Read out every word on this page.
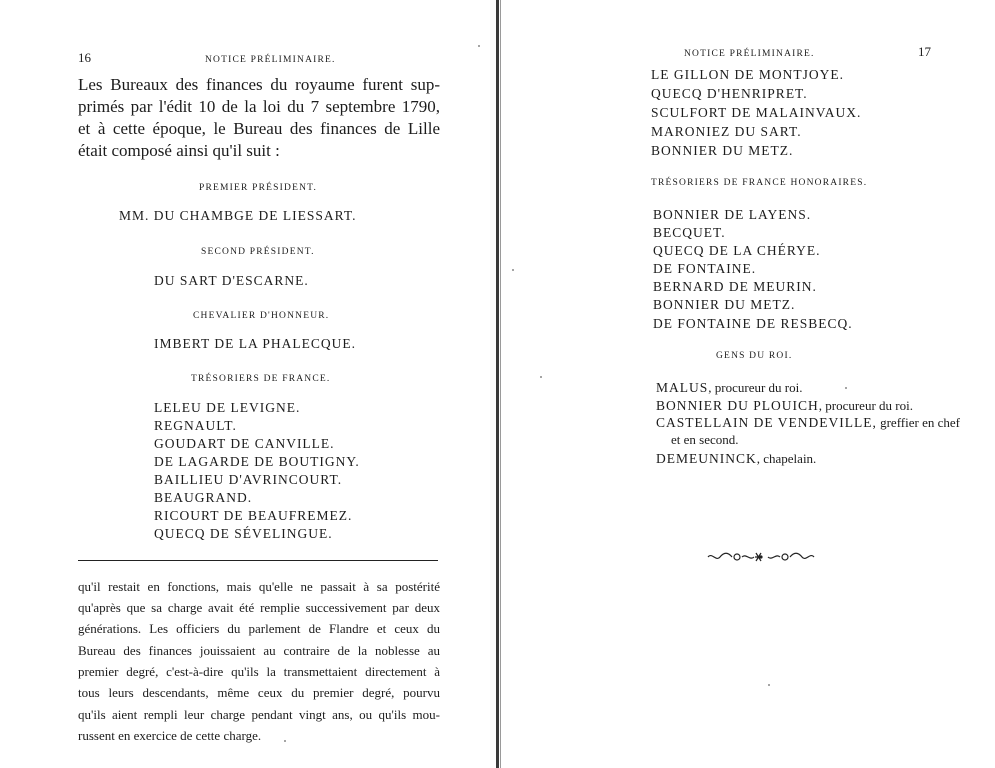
16	NOTICE PRÉLIMINAIRE.

Les Bureaux des finances du royaume furent sup-

primés par l'édit 10 de la loi du 7 septembre 1790,

et à cette époque, le Bureau des finances de Lille

était composé ainsi qu'il suit :

PREMIER PRÉSIDENT.
MM. DU CHAMBGE DE LIESSART.
SECOND PRÉSIDENT.
DU SART D'ESCARNE.
CHEVALIER D'HONNEUR.
IMBERT DE LA PHALECQUE.
TRÉSORIERS DE FRANCE.
LELEU DE LEVIGNE.
REGNAULT.
GOUDART DE CANVILLE.
DE LAGARDE DE BOUTIGNY.
BAILLIEU D'AVRINCOURT.
BEAUGRAND.
RICOURT DE BEAUFREMEZ.
QUECQ DE SÉVELINGUE.
qu'il restait en fonctions, mais qu'elle ne passait à sa postérité
qu'après que sa charge avait été remplie successivement par deux
générations. Les officiers du parlement de Flandre et ceux du
Bureau des finances jouissaient au contraire de la noblesse au
premier degré, c'est-à-dire qu'ils la transmettaient directement à
tous leurs descendants, même ceux du premier degré, pourvu
qu'ils aient rempli leur charge pendant vingt ans, ou qu'ils mou-
russent en exercice de cette charge.
NOTICE PRÉLIMINAIRE.	17
LE GILLON DE MONTJOYE.
QUECQ D'HENRIPRET.
SCULFORT DE MALAINVAUX.
MARONIEZ DU SART.
BONNIER DU METZ.
TRÉSORIERS DE FRANCE HONORAIRES.
BONNIER DE LAYENS.
BECQUET.
QUECQ DE LA CHÉRYE.
DE FONTAINE.
BERNARD DE MEURIN.
BONNIER DU METZ.
DE FONTAINE DE RESBECQ.
GENS DU ROI.
MALUS, procureur du roi.
BONNIER DU PLOUICH, procureur du roi.
CASTELLAIN DE VENDEVILLE, greffier en chef
et en second.
DEMEUNINCK, chapelain.
